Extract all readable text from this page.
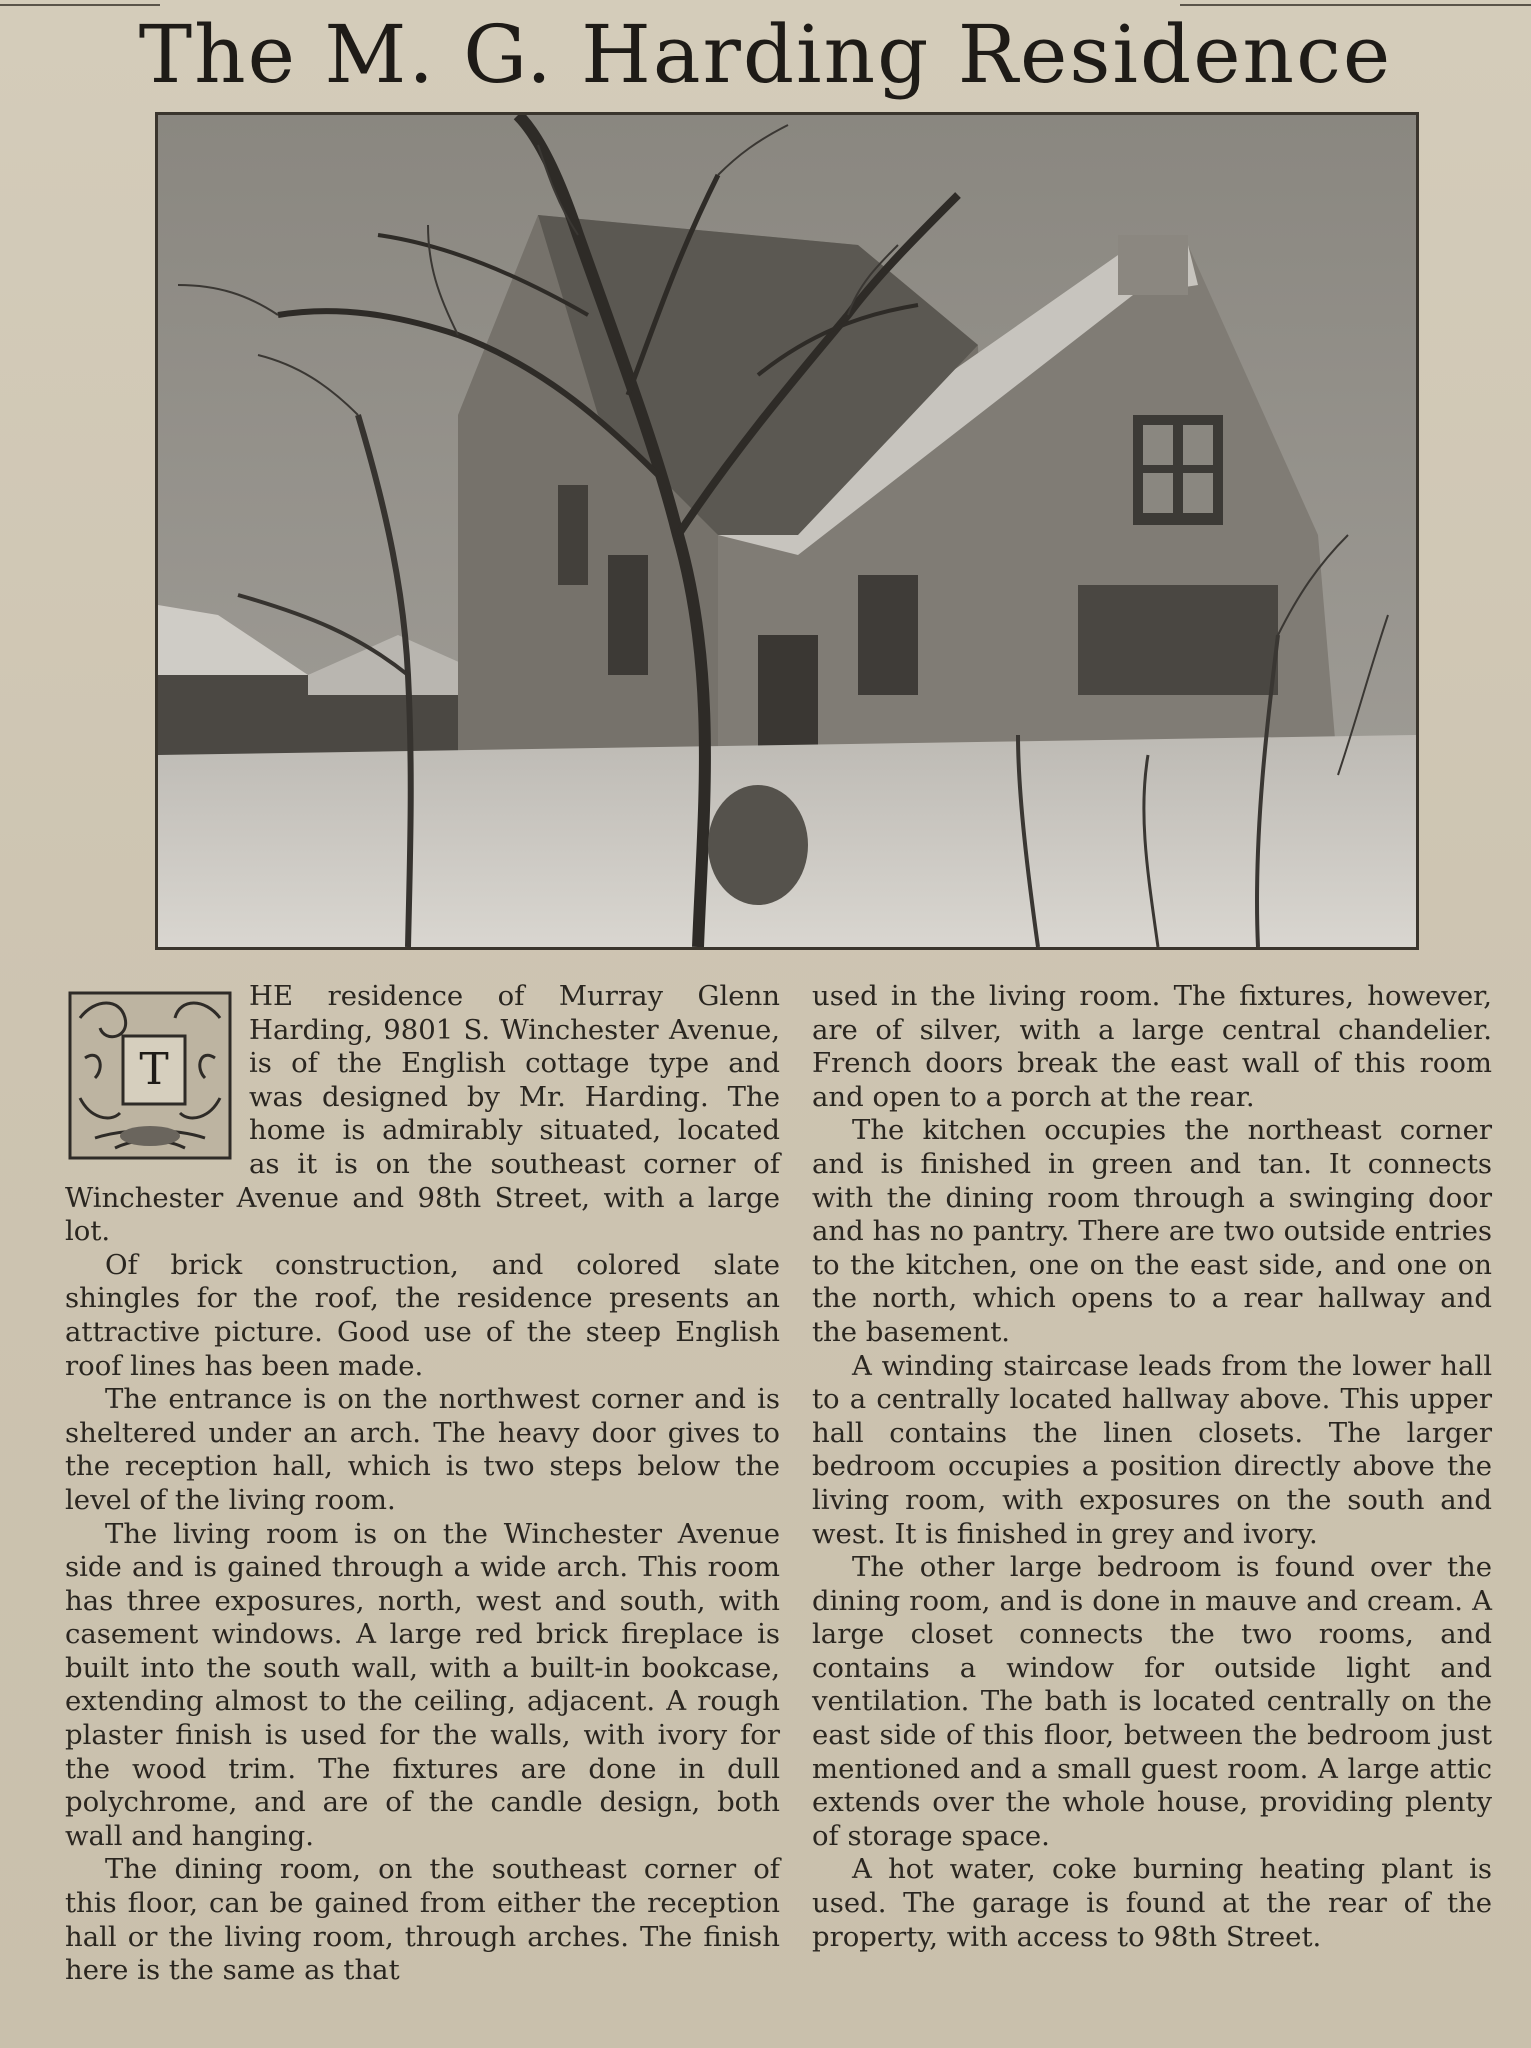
The M. G. Harding Residence
T

HE residence of Murray Glenn Harding, 9801 S. Winchester Avenue, is of the English cottage type and was designed by Mr. Harding. The home is admirably situated, located as it is on the southeast corner of Winchester Avenue and 98th Street, with a large lot.

Of brick construction, and colored slate shingles for the roof, the residence presents an attractive picture. Good use of the steep English roof lines has been made.

The entrance is on the northwest corner and is sheltered under an arch. The heavy door gives to the reception hall, which is two steps below the level of the living room.

The living room is on the Winchester Avenue side and is gained through a wide arch. This room has three exposures, north, west and south, with casement windows. A large red brick fireplace is built into the south wall, with a built-in bookcase, extending almost to the ceiling, adjacent. A rough plaster finish is used for the walls, with ivory for the wood trim. The fixtures are done in dull polychrome, and are of the candle design, both wall and hanging.

The dining room, on the southeast corner of this floor, can be gained from either the reception hall or the living room, through arches. The finish here is the same as that

used in the living room. The fixtures, however, are of silver, with a large central chandelier. French doors break the east wall of this room and open to a porch at the rear.

The kitchen occupies the northeast corner and is finished in green and tan. It connects with the dining room through a swinging door and has no pantry. There are two outside entries to the kitchen, one on the east side, and one on the north, which opens to a rear hallway and the basement.

A winding staircase leads from the lower hall to a centrally located hallway above. This upper hall contains the linen closets. The larger bedroom occupies a position directly above the living room, with exposures on the south and west. It is finished in grey and ivory.

The other large bedroom is found over the dining room, and is done in mauve and cream. A large closet connects the two rooms, and contains a window for outside light and ventilation. The bath is located centrally on the east side of this floor, between the bedroom just mentioned and a small guest room. A large attic extends over the whole house, providing plenty of storage space.

A hot water, coke burning heating plant is used. The garage is found at the rear of the property, with access to 98th Street.
